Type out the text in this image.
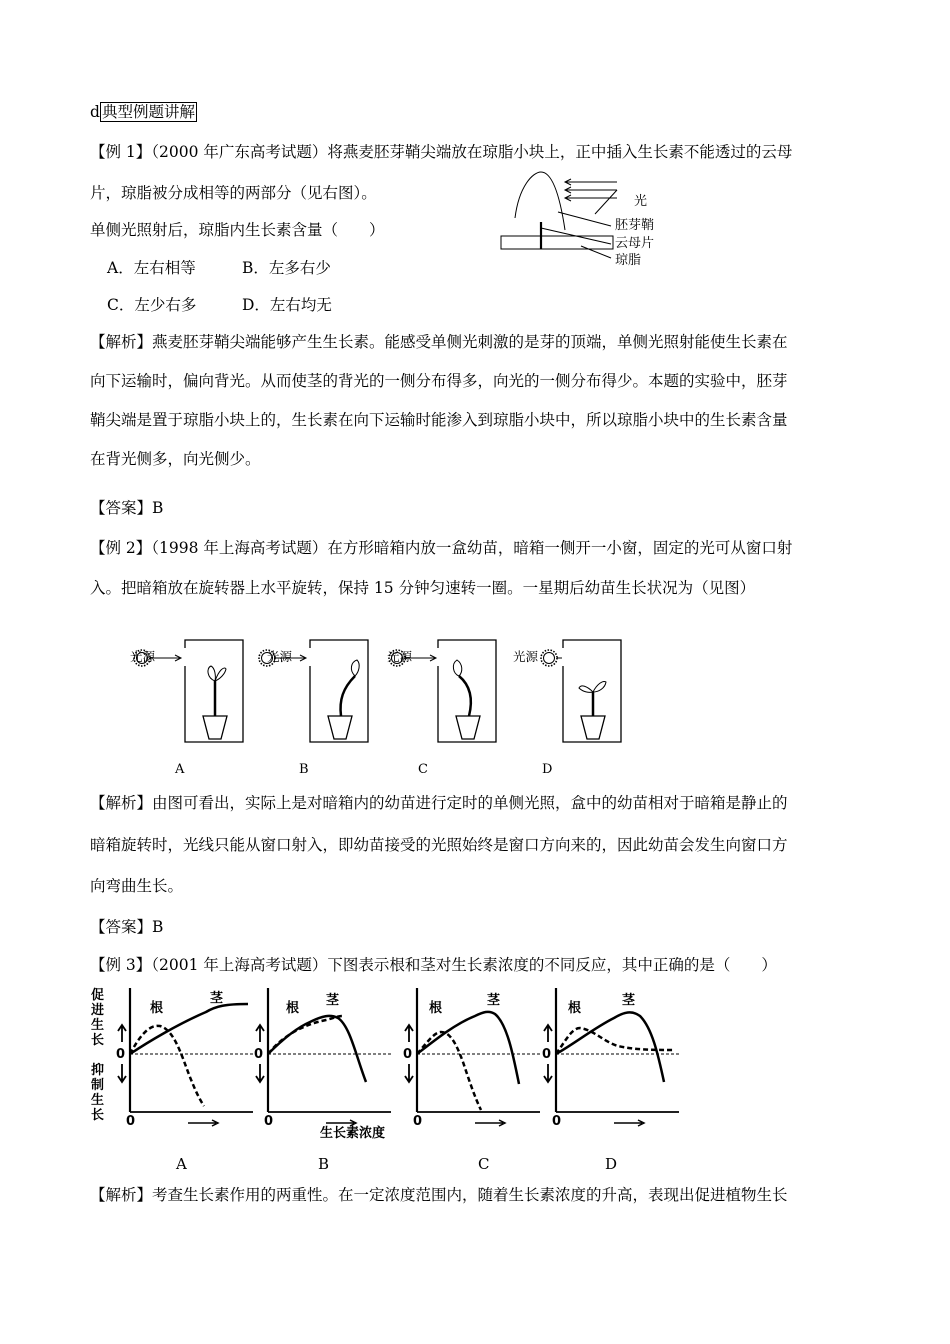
d 典型例题讲解
【例 1】（2000 年广东高考试题）将燕麦胚芽鞘尖端放在琼脂小块上，正中插入生长素不能透过的云母
片，琼脂被分成相等的两部分（见右图）。
单侧光照射后，琼脂内生长素含量（　　）
A．左右相等	B．左多右少
C．左少右多	D．左右均无
光
胚芽鞘
云母片
琼脂
【解析】燕麦胚芽鞘尖端能够产生生长素。能感受单侧光刺激的是芽的顶端，单侧光照射能使生长素在
向下运输时，偏向背光。从而使茎的背光的一侧分布得多，向光的一侧分布得少。本题的实验中，胚芽
鞘尖端是置于琼脂小块上的，生长素在向下运输时能渗入到琼脂小块中，所以琼脂小块中的生长素含量
在背光侧多，向光侧少。
【答案】B
【例 2】（1998 年上海高考试题）在方形暗箱内放一盒幼苗，暗箱一侧开一小窗，固定的光可从窗口射
入。把暗箱放在旋转器上水平旋转，保持 15 分钟匀速转一圈。一星期后幼苗生长状况为（见图）
光源	光源	光源	光源
A	B	C	D
【解析】由图可看出，实际上是对暗箱内的幼苗进行定时的单侧光照，盒中的幼苗相对于暗箱是静止的
暗箱旋转时，光线只能从窗口射入，即幼苗接受的光照始终是窗口方向来的，因此幼苗会发生向窗口方
向弯曲生长。
【答案】B
【例 3】（2001 年上海高考试题）下图表示根和茎对生长素浓度的不同反应，其中正确的是（　　）
促
进
生
长
抑
制
生
长
0
0
根
茎
0
0
根
茎
0
0
根
茎
0
0
根
茎
生长素浓度
A	B	C	D
【解析】考查生长素作用的两重性。在一定浓度范围内，随着生长素浓度的升高，表现出促进植物生长
